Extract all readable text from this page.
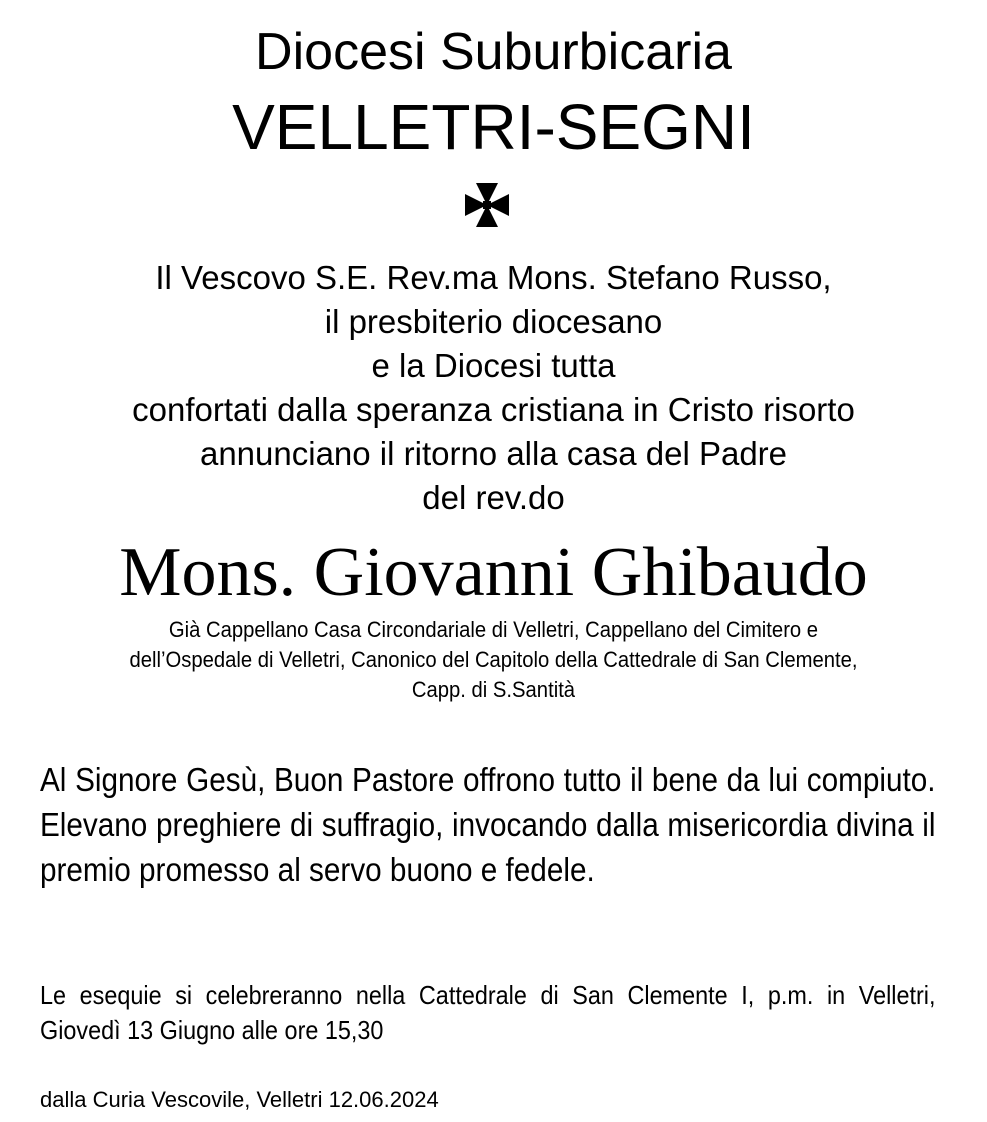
Diocesi Suburbicaria
VELLETRI-SEGNI
Il Vescovo S.E. Rev.ma Mons. Stefano Russo,
il presbiterio diocesano
e la Diocesi tutta
confortati dalla speranza cristiana in Cristo risorto
annunciano il ritorno alla casa del Padre
del rev.do
Mons. Giovanni Ghibaudo
Già Cappellano Casa Circondariale di Velletri, Cappellano del Cimitero e
dell’Ospedale di Velletri, Canonico del Capitolo della Cattedrale di San Clemente,
Capp. di S.Santità
Al Signore Gesù, Buon Pastore offrono tutto il bene da lui compiuto. Elevano preghiere di suffragio, invocando dalla misericordia divina il premio promesso al servo buono e fedele.
Le esequie si celebreranno nella Cattedrale di San Clemente I, p.m. in Velletri, Giovedì 13 Giugno alle ore 15,30
dalla Curia Vescovile, Velletri 12.06.2024
